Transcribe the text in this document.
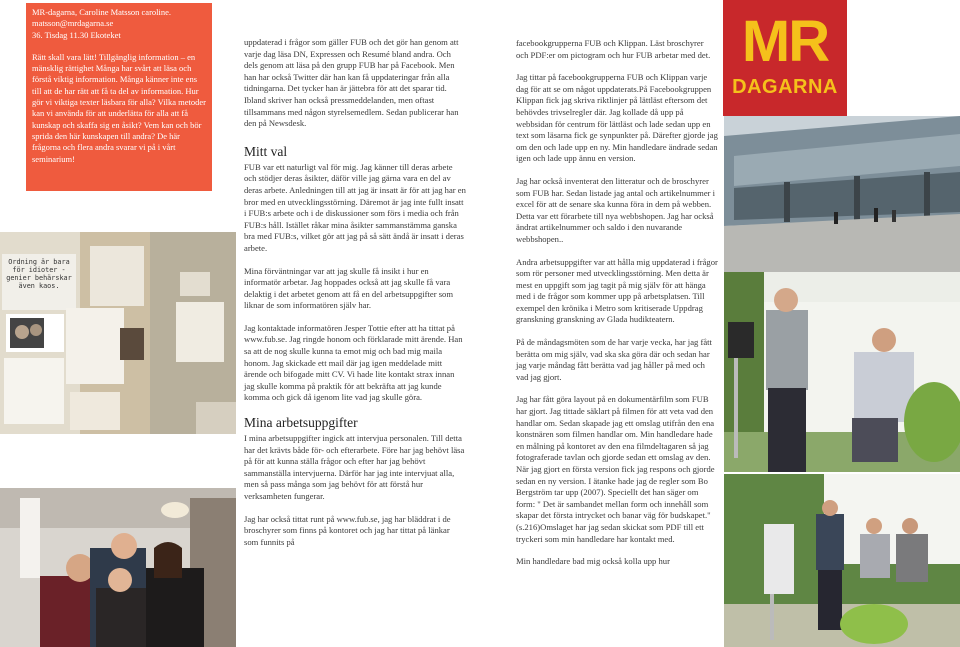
MR-dagarna, Caroline Matsson caroline.
matsson@mrdagarna.se
36. Tisdag 11.30 Ekoteket
Rätt skall vara lätt! Tillgänglig information – en mänsklig rättighet Många har svårt att läsa och förstå viktig information. Många känner inte ens till att de har rätt att få ta del av information. Hur gör vi viktiga texter läsbara för alla? Vilka metoder kan vi använda för att underlätta för alla att få kunskap och skaffa sig en åsikt? Vem kan och bör sprida den här kunskapen till andra? De här frågorna och flera andra svarar vi på i vårt seminarium!
Ordning är bara för idioter -genier behärskar även kaos.

uppdaterad i frågor som gäller FUB och det gör han genom att varje dag läsa DN, Expressen och Resumé bland andra. Och dels genom att läsa på den grupp FUB har på Facebook. Men han har också Twitter där han kan få uppdateringar från alla tidningarna. Det tycker han är jättebra för att det sparar tid. Ibland skriver han också pressmeddelanden, men oftast tillsammans med någon styrelsemedlem. Sedan publicerar han den på Newsdesk.

Mitt val

FUB var ett naturligt val för mig. Jag känner till deras arbete och stödjer deras åsikter, däför ville jag gärna vara en del av deras arbete. Anledningen till att jag är insatt är för att jag har en bror med en utvecklingsstörning. Däremot är jag inte fullt insatt i FUB:s arbete och i de diskussioner som förs i media och från FUB:s håll. Istället råkar mina åsikter sammanstämma ganska bra med FUB:s, vilket gör att jag på så sätt ändå är insatt i deras arbete.

Mina förväntningar var att jag skulle få insikt i hur en informatör arbetar. Jag hoppades också att jag skulle få vara delaktig i det arbetet genom att få en del arbetsuppgifter som liknar de som informatören själv har.

Jag kontaktade informatören Jesper Tottie efter att ha tittat på www.fub.se. Jag ringde honom och förklarade mitt ärende. Han sa att de nog skulle kunna ta emot mig och bad mig maila honom. Jag skickade ett mail där jag igen meddelade mitt ärende och bifogade mitt CV. Vi hade lite kontakt strax innan jag skulle komma på praktik för att bekräfta att jag kunde komma och gick då igenom lite vad jag skulle göra.

Mina arbetsuppgifter

I mina arbetsuppgifter ingick att intervjua personalen. Till detta har det krävts både för- och efterarbete. Före har jag behövt läsa på för att kunna ställa frågor och efter har jag behövt sammanställa intervjuerna. Därför har jag inte intervjuat alla, men så pass många som jag behövt för att förstå hur verksamheten fungerar.

Jag har också tittat runt på www.fub.se, jag har bläddrat i de broschyrer som finns på kontoret och jag har tittat på länkar som funnits på

facebookgrupperna FUB och Klippan. Läst broschyrer och PDF:er om pictogram och hur FUB arbetar med det.

Jag tittar på facebookgrupperna FUB och Klippan varje dag för att se om något uppdaterats.På Facebookgruppen Klippan fick jag skriva riktlinjer på lättläst eftersom det behövdes trivselregler där. Jag kollade då upp på webbsidan för centrum för lättläst och lade sedan upp en text som läsarna fick ge synpunkter på. Därefter gjorde jag om den och lade upp en ny. Min handledare ändrade sedan igen och lade upp ännu en version.

Jag har också inventerat den litteratur och de broschyrer som FUB har. Sedan listade jag antal och artikelnummer i excel för att de senare ska kunna föra in dem på webben. Detta var ett förarbete till nya webbshopen. Jag har också ändrat artikelnummer och saldo i den nuvarande webbshopen..

Andra arbetsuppgifter var att hålla mig uppdaterad i frågor som rör personer med utvecklingsstörning. Men detta är mest en uppgift som jag tagit på mig själv för att hänga med i de frågor som kommer upp på arbetsplatsen. Till exempel den krönika i Metro som kritiserade Uppdrag granskning granskning av Glada hudikteatern.

På de måndagsmöten som de har varje vecka, har jag fått berätta om mig själv, vad ska ska göra där och sedan har jag varje måndag fått berätta vad jag håller på med och vad jag gjort.

Jag har fått göra layout på en dokumentärfilm som FUB har gjort. Jag tittade säklart på filmen för att veta vad den handlar om. Sedan skapade jag ett omslag utifrån den ena konstnären som filmen handlar om. Min handledare hade en målning på kontoret av den ena filmdeltagaren så jag fotograferade tavlan och gjorde sedan ett omslag av den. När jag gjort en första version fick jag respons och gjorde sedan en ny version. I ätanke hade jag de regler som Bo Bergström tar upp (2007). Speciellt det han säger om form: " Det är sambandet mellan form och innehåll som skapar det första intrycket och banar väg för budskapet." (s.216)Omslaget har jag sedan skickat som PDF till ett tryckeri som min handledare har kontakt med.

Min handledare bad mig också kolla upp hur

MR
DAGARNA
